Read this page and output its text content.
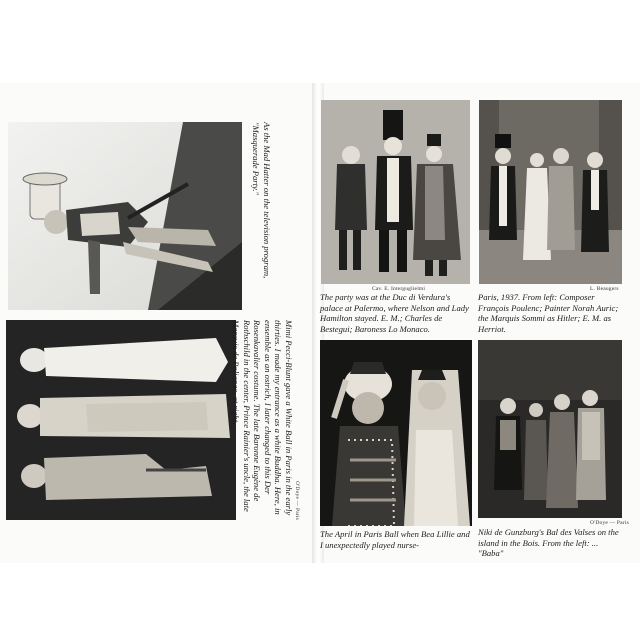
As the Mad Hatter on the television program, "Masquerade Party."

O'Doye — Paris

Mimi Pecci-Blunt gave a White Ball in Paris in the early thirties. I made my entrance as a white Buddha. Here, in ensemble as an ostrich, I later changed to this Der Rosenkavalier costume. The late Baronne Eugène de Rothschild in the center, Prince Rainier's uncle, the late Marquis de Polignac, at right.

Cav. E. Interguglielmi

The party was at the Duc di Verdura's palace at Palermo, where Nelson and Lady Hamilton stayed. E. M.; Charles de Bestegui; Baroness Lo Monaco.

L. Beaugers

Paris, 1937. From left: Composer François Poulenc; Painter Norah Auric; the Marquis Sommi as Hitler; E. M. as Herriot.

The April in Paris Ball when Bea Lillie and I unexpectedly played nurse-

O'Doye — Paris

Niki de Gunzburg's Bal des Valses on the island in the Bois. From the left: ... "Baba"
